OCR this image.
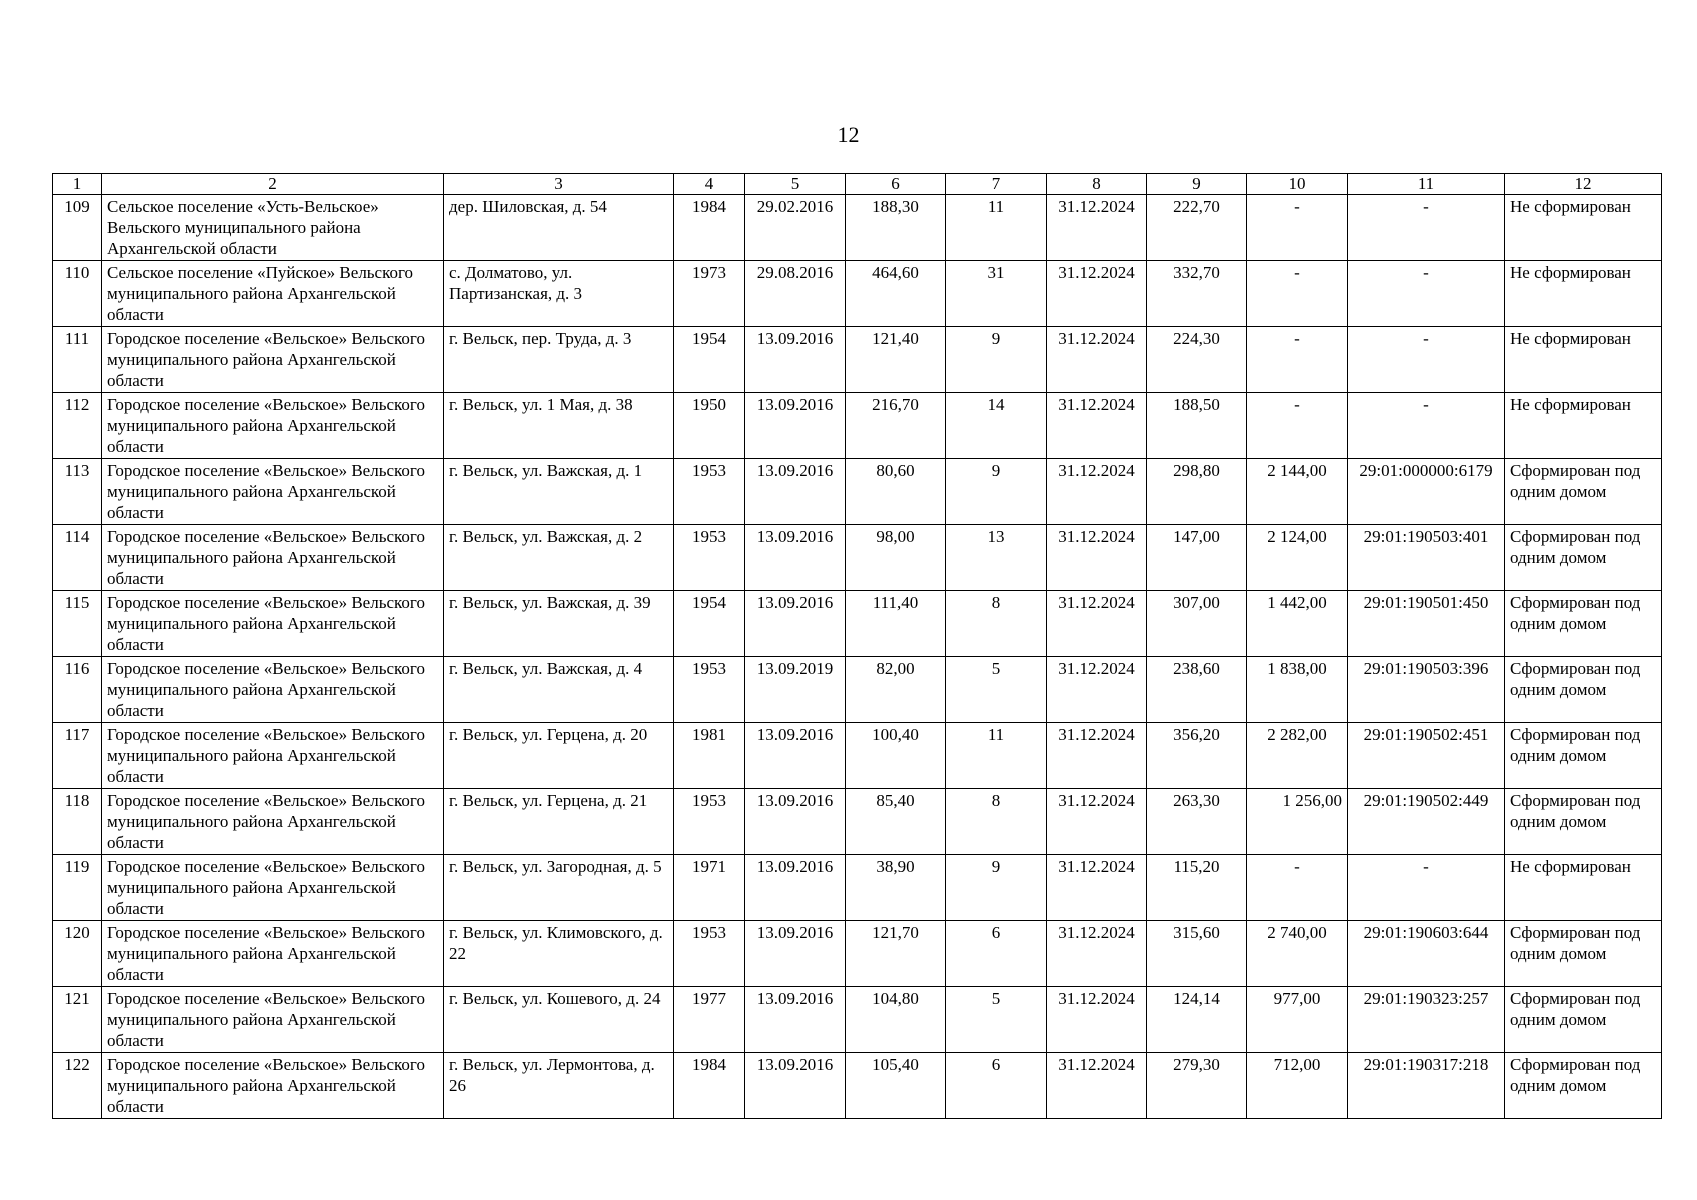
12
1	2	3	4	5	6	7	8	9	10	11	12
109	Сельское поселение «Усть-Вельское» Вельского муниципального района Архангельской области	дер. Шиловская, д. 54	1984	29.02.2016	188,30	11	31.12.2024	222,70	-	-	Не сформирован
110	Сельское поселение «Пуйское» Вельского муниципального района Архангельской области	с. Долматово, ул. Партизанская, д. 3	1973	29.08.2016	464,60	31	31.12.2024	332,70	-	-	Не сформирован
111	Городское поселение «Вельское» Вельского муниципального района Архангельской области	г. Вельск, пер. Труда, д. 3	1954	13.09.2016	121,40	9	31.12.2024	224,30	-	-	Не сформирован
112	Городское поселение «Вельское» Вельского муниципального района Архангельской области	г. Вельск, ул. 1 Мая, д. 38	1950	13.09.2016	216,70	14	31.12.2024	188,50	-	-	Не сформирован
113	Городское поселение «Вельское» Вельского муниципального района Архангельской области	г. Вельск, ул. Важская, д. 1	1953	13.09.2016	80,60	9	31.12.2024	298,80	2 144,00	29:01:000000:6179	Сформирован под одним домом
114	Городское поселение «Вельское» Вельского муниципального района Архангельской области	г. Вельск, ул. Важская, д. 2	1953	13.09.2016	98,00	13	31.12.2024	147,00	2 124,00	29:01:190503:401	Сформирован под одним домом
115	Городское поселение «Вельское» Вельского муниципального района Архангельской области	г. Вельск, ул. Важская, д. 39	1954	13.09.2016	111,40	8	31.12.2024	307,00	1 442,00	29:01:190501:450	Сформирован под одним домом
116	Городское поселение «Вельское» Вельского муниципального района Архангельской области	г. Вельск, ул. Важская, д. 4	1953	13.09.2019	82,00	5	31.12.2024	238,60	1 838,00	29:01:190503:396	Сформирован под одним домом
117	Городское поселение «Вельское» Вельского муниципального района Архангельской области	г. Вельск, ул. Герцена, д. 20	1981	13.09.2016	100,40	11	31.12.2024	356,20	2 282,00	29:01:190502:451	Сформирован под одним домом
118	Городское поселение «Вельское» Вельского муниципального района Архангельской области	г. Вельск, ул. Герцена, д. 21	1953	13.09.2016	85,40	8	31.12.2024	263,30	1 256,00	29:01:190502:449	Сформирован под одним домом
119	Городское поселение «Вельское» Вельского муниципального района Архангельской области	г. Вельск, ул. Загородная, д. 5	1971	13.09.2016	38,90	9	31.12.2024	115,20	-	-	Не сформирован
120	Городское поселение «Вельское» Вельского муниципального района Архангельской области	г. Вельск, ул. Климовского, д. 22	1953	13.09.2016	121,70	6	31.12.2024	315,60	2 740,00	29:01:190603:644	Сформирован под одним домом
121	Городское поселение «Вельское» Вельского муниципального района Архангельской области	г. Вельск, ул. Кошевого, д. 24	1977	13.09.2016	104,80	5	31.12.2024	124,14	977,00	29:01:190323:257	Сформирован под одним домом
122	Городское поселение «Вельское» Вельского муниципального района Архангельской области	г. Вельск, ул. Лермонтова, д. 26	1984	13.09.2016	105,40	6	31.12.2024	279,30	712,00	29:01:190317:218	Сформирован под одним домом
